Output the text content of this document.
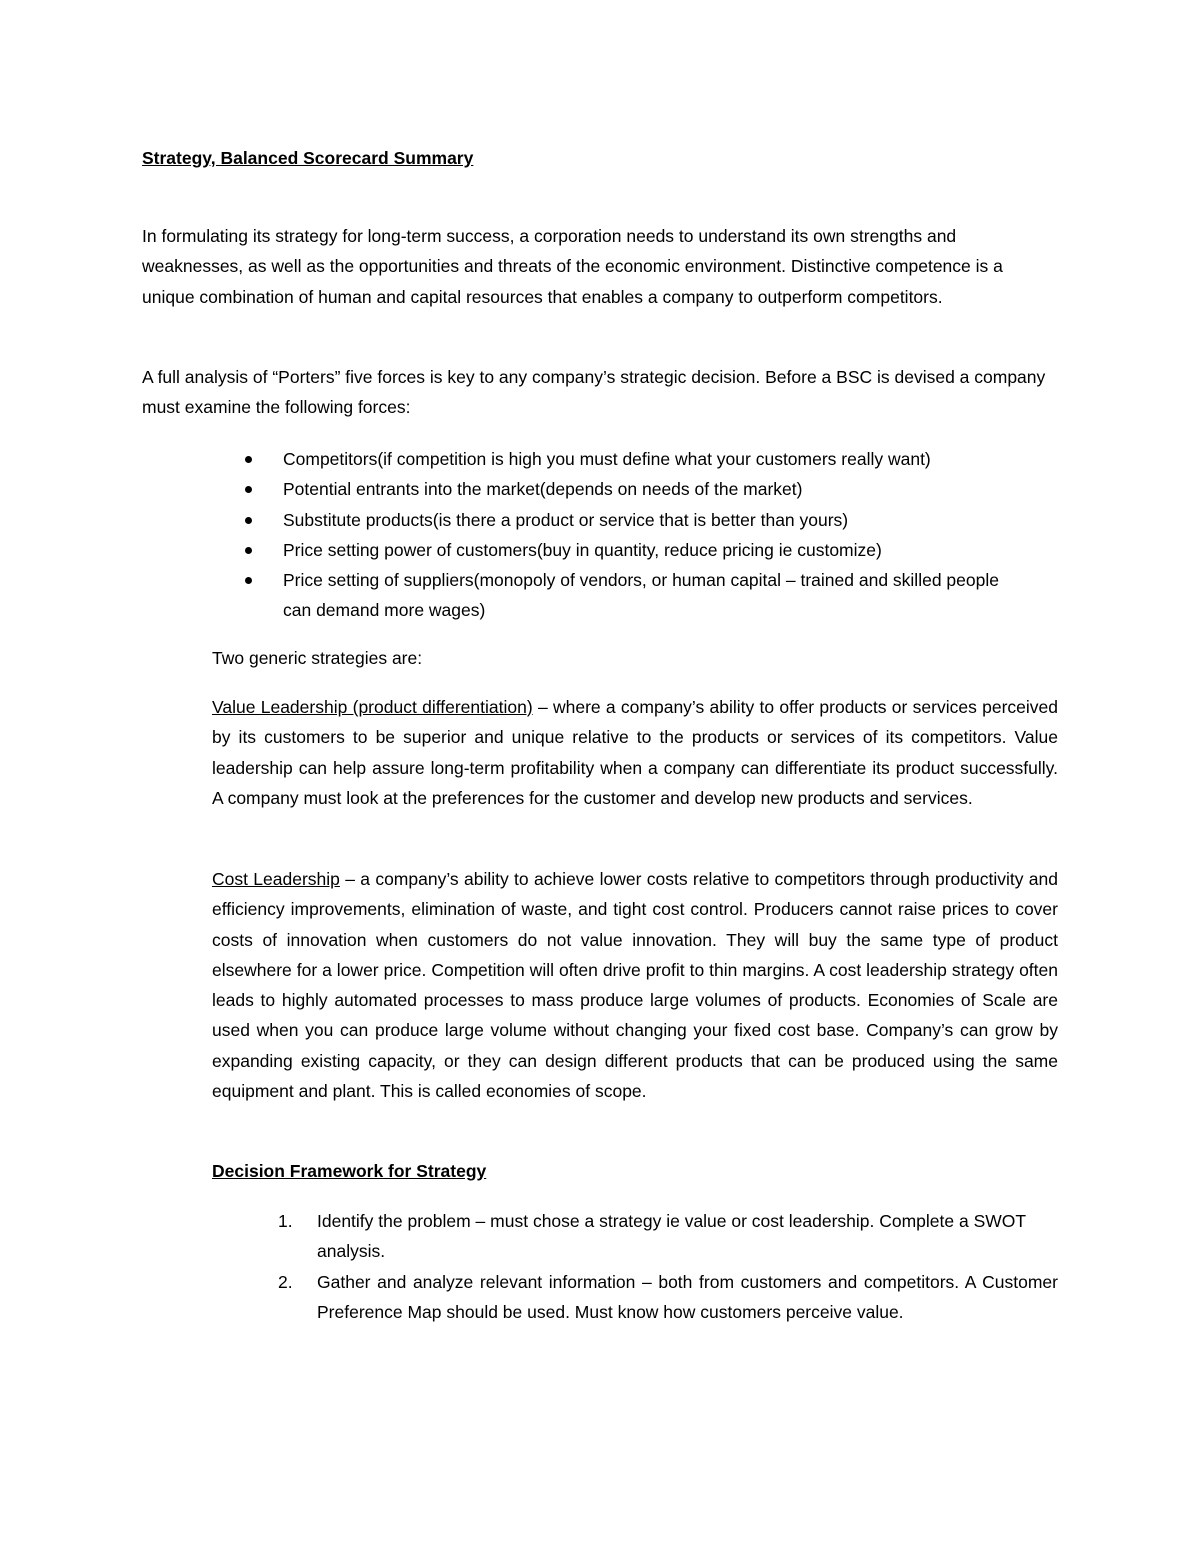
Strategy, Balanced Scorecard Summary
In formulating its strategy for long-term success, a corporation needs to understand its own strengths and weaknesses, as well as the opportunities and threats of the economic environment. Distinctive competence is a unique combination of human and capital resources that enables a company to outperform competitors.
A full analysis of “Porters” five forces is key to any company’s strategic decision. Before a BSC is devised a company must examine the following forces:
Competitors(if competition is high you must define what your customers really want)
Potential entrants into the market(depends on needs of the market)
Substitute products(is there a product or service that is better than yours)
Price setting power of customers(buy in quantity, reduce pricing ie customize)
Price setting of suppliers(monopoly of vendors, or human capital – trained and skilled people can demand more wages)
Two generic strategies are:
Value Leadership (product differentiation) – where a company’s ability to offer products or services perceived by its customers to be superior and unique relative to the products or services of its competitors. Value leadership can help assure long-term profitability when a company can differentiate its product successfully. A company must look at the preferences for the customer and develop new products and services.
Cost Leadership – a company’s ability to achieve lower costs relative to competitors through productivity and efficiency improvements, elimination of waste, and tight cost control. Producers cannot raise prices to cover costs of innovation when customers do not value innovation. They will buy the same type of product elsewhere for a lower price. Competition will often drive profit to thin margins. A cost leadership strategy often leads to highly automated processes to mass produce large volumes of products. Economies of Scale are used when you can produce large volume without changing your fixed cost base. Company’s can grow by expanding existing capacity, or they can design different products that can be produced using the same equipment and plant. This is called economies of scope.
Decision Framework for Strategy
1. Identify the problem – must chose a strategy ie value or cost leadership. Complete a SWOT analysis.
2. Gather and analyze relevant information – both from customers and competitors. A Customer Preference Map should be used. Must know how customers perceive value.
